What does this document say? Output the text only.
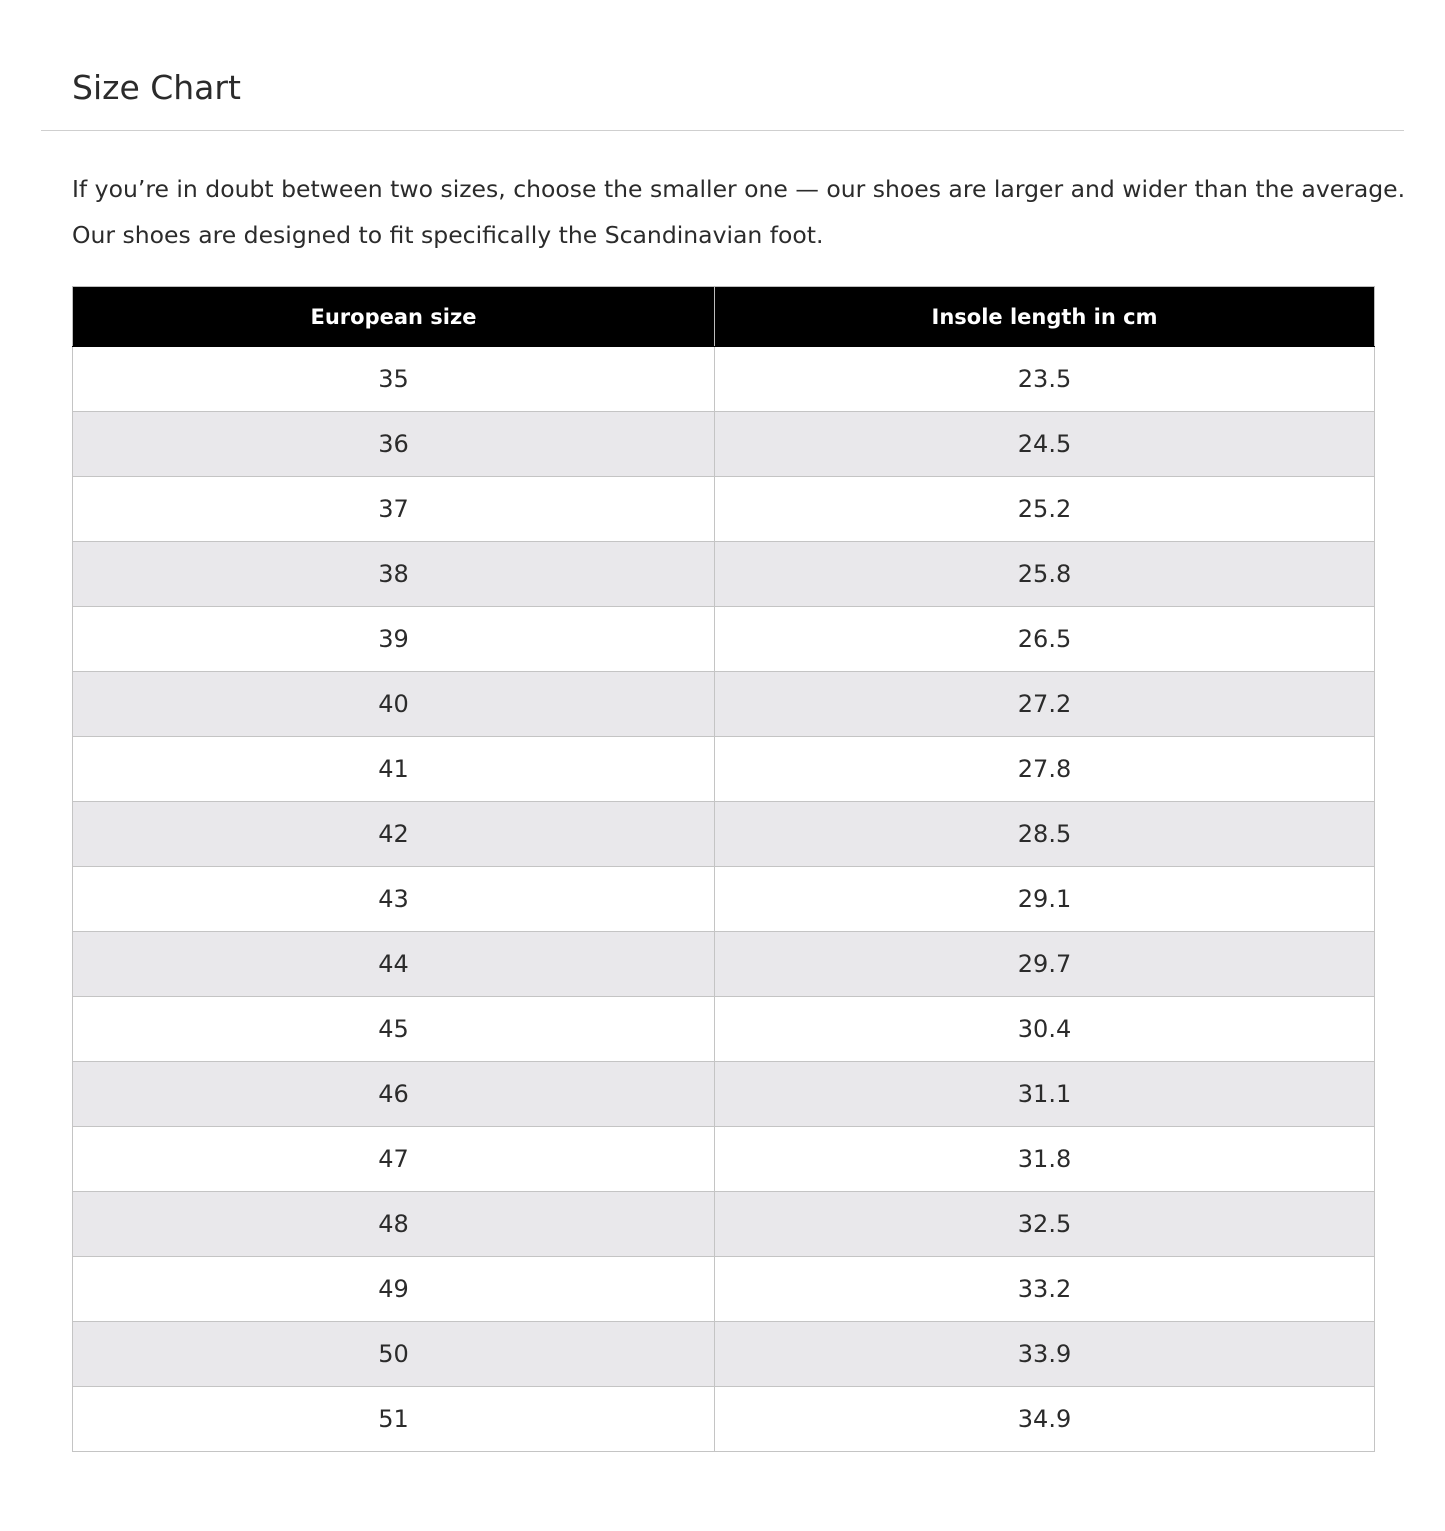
Size Chart

If you’re in doubt between two sizes, choose the smaller one — our shoes are larger and wider than the average.

Our shoes are designed to fit specifically the Scandinavian foot.

European size	Insole length in cm
35	23.5
36	24.5
37	25.2
38	25.8
39	26.5
40	27.2
41	27.8
42	28.5
43	29.1
44	29.7
45	30.4
46	31.1
47	31.8
48	32.5
49	33.2
50	33.9
51	34.9
